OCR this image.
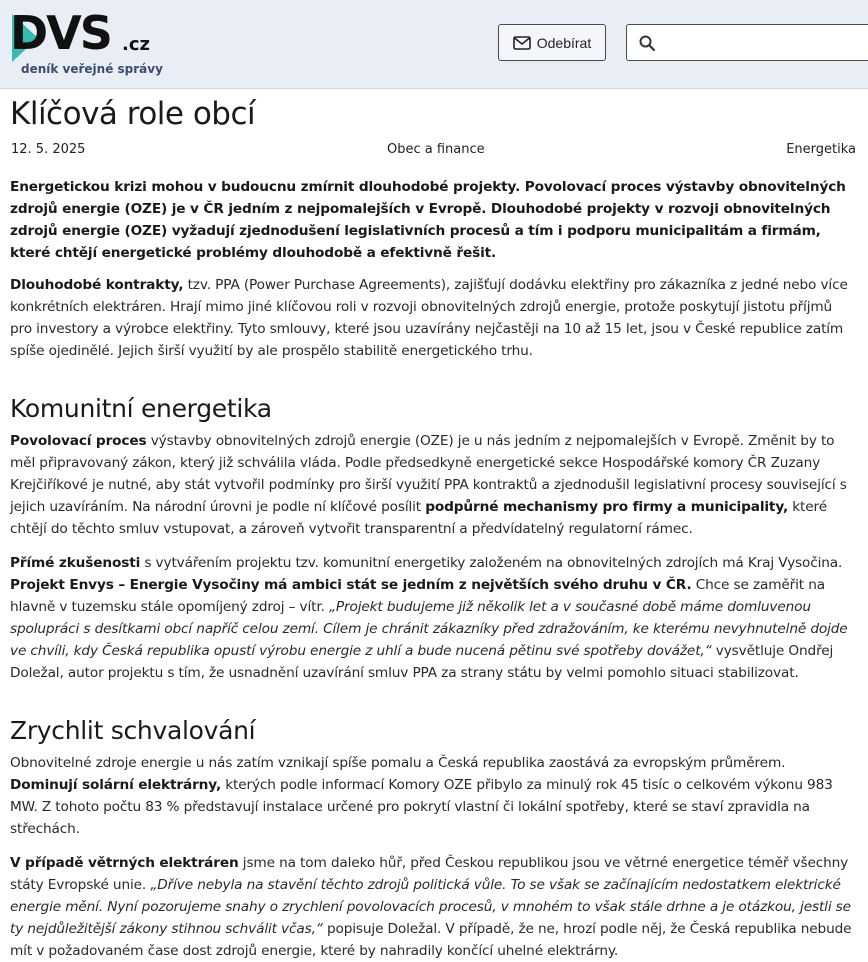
DVS .cz
deník veřejné správy
Odebírat
Klíčová role obcí
12. 5. 2025	Obec a finance	Energetika

Energetickou krizi mohou v budoucnu zmírnit dlouhodobé projekty. Povolovací proces výstavby obnovitelných zdrojů energie (OZE) je v ČR jedním z nejpomalejších v Evropě. Dlouhodobé projekty v rozvoji obnovitelných zdrojů energie (OZE) vyžadují zjednodušení legislativních procesů a tím i podporu municipalitám a firmám, které chtějí energetické problémy dlouhodobě a efektivně řešit.

Dlouhodobé kontrakty, tzv. PPA (Power Purchase Agreements), zajišťují dodávku elektřiny pro zákazníka z jedné nebo více konkrétních elektráren. Hrají mimo jiné klíčovou roli v rozvoji obnovitelných zdrojů energie, protože poskytují jistotu příjmů pro investory a výrobce elektřiny. Tyto smlouvy, které jsou uzavírány nejčastěji na 10 až 15 let, jsou v České republice zatím spíše ojedinělé. Jejich širší využití by ale prospělo stabilitě energetického trhu.

Komunitní energetika

Povolovací proces výstavby obnovitelných zdrojů energie (OZE) je u nás jedním z nejpomalejších v Evropě. Změnit by to měl připravovaný zákon, který již schválila vláda. Podle předsedkyně energetické sekce Hospodářské komory ČR Zuzany Krejčiříkové je nutné, aby stát vytvořil podmínky pro širší využití PPA kontraktů a zjednodušil legislativní procesy související s jejich uzavíráním. Na národní úrovni je podle ní klíčové posílit podpůrné mechanismy pro firmy a municipality, které chtějí do těchto smluv vstupovat, a zároveň vytvořit transparentní a předvídatelný regulatorní rámec.

Přímé zkušenosti s vytvářením projektu tzv. komunitní energetiky založeném na obnovitelných zdrojích má Kraj Vysočina. Projekt Envys – Energie Vysočiny má ambici stát se jedním z největších svého druhu v ČR. Chce se zaměřit na hlavně v tuzemsku stále opomíjený zdroj – vítr. „Projekt budujeme již několik let a v současné době máme domluvenou spolupráci s desítkami obcí napříč celou zemí. Cílem je chránit zákazníky před zdražováním, ke kterému nevyhnutelně dojde ve chvíli, kdy Česká republika opustí výrobu energie z uhlí a bude nucená pětinu své spotřeby dovážet,“ vysvětluje Ondřej Doležal, autor projektu s tím, že usnadnění uzavírání smluv PPA za strany státu by velmi pomohlo situaci stabilizovat.

Zrychlit schvalování

Obnovitelné zdroje energie u nás zatím vznikají spíše pomalu a Česká republika zaostává za evropským průměrem. Dominují solární elektrárny, kterých podle informací Komory OZE přibylo za minulý rok 45 tisíc o celkovém výkonu 983 MW. Z tohoto počtu 83 % představují instalace určené pro pokrytí vlastní či lokální spotřeby, které se staví zpravidla na střechách.

V případě větrných elektráren jsme na tom daleko hůř, před Českou republikou jsou ve větrné energetice téměř všechny státy Evropské unie. „Dříve nebyla na stavění těchto zdrojů politická vůle. To se však se začínajícím nedostatkem elektrické energie mění. Nyní pozorujeme snahy o zrychlení povolovacích procesů, v mnohém to však stále drhne a je otázkou, jestli se ty nejdůležitější zákony stihnou schválit včas,“ popisuje Doležal. V případě, že ne, hrozí podle něj, že Česká republika nebude mít v požadovaném čase dost zdrojů energie, které by nahradily končící uhelné elektrárny.
